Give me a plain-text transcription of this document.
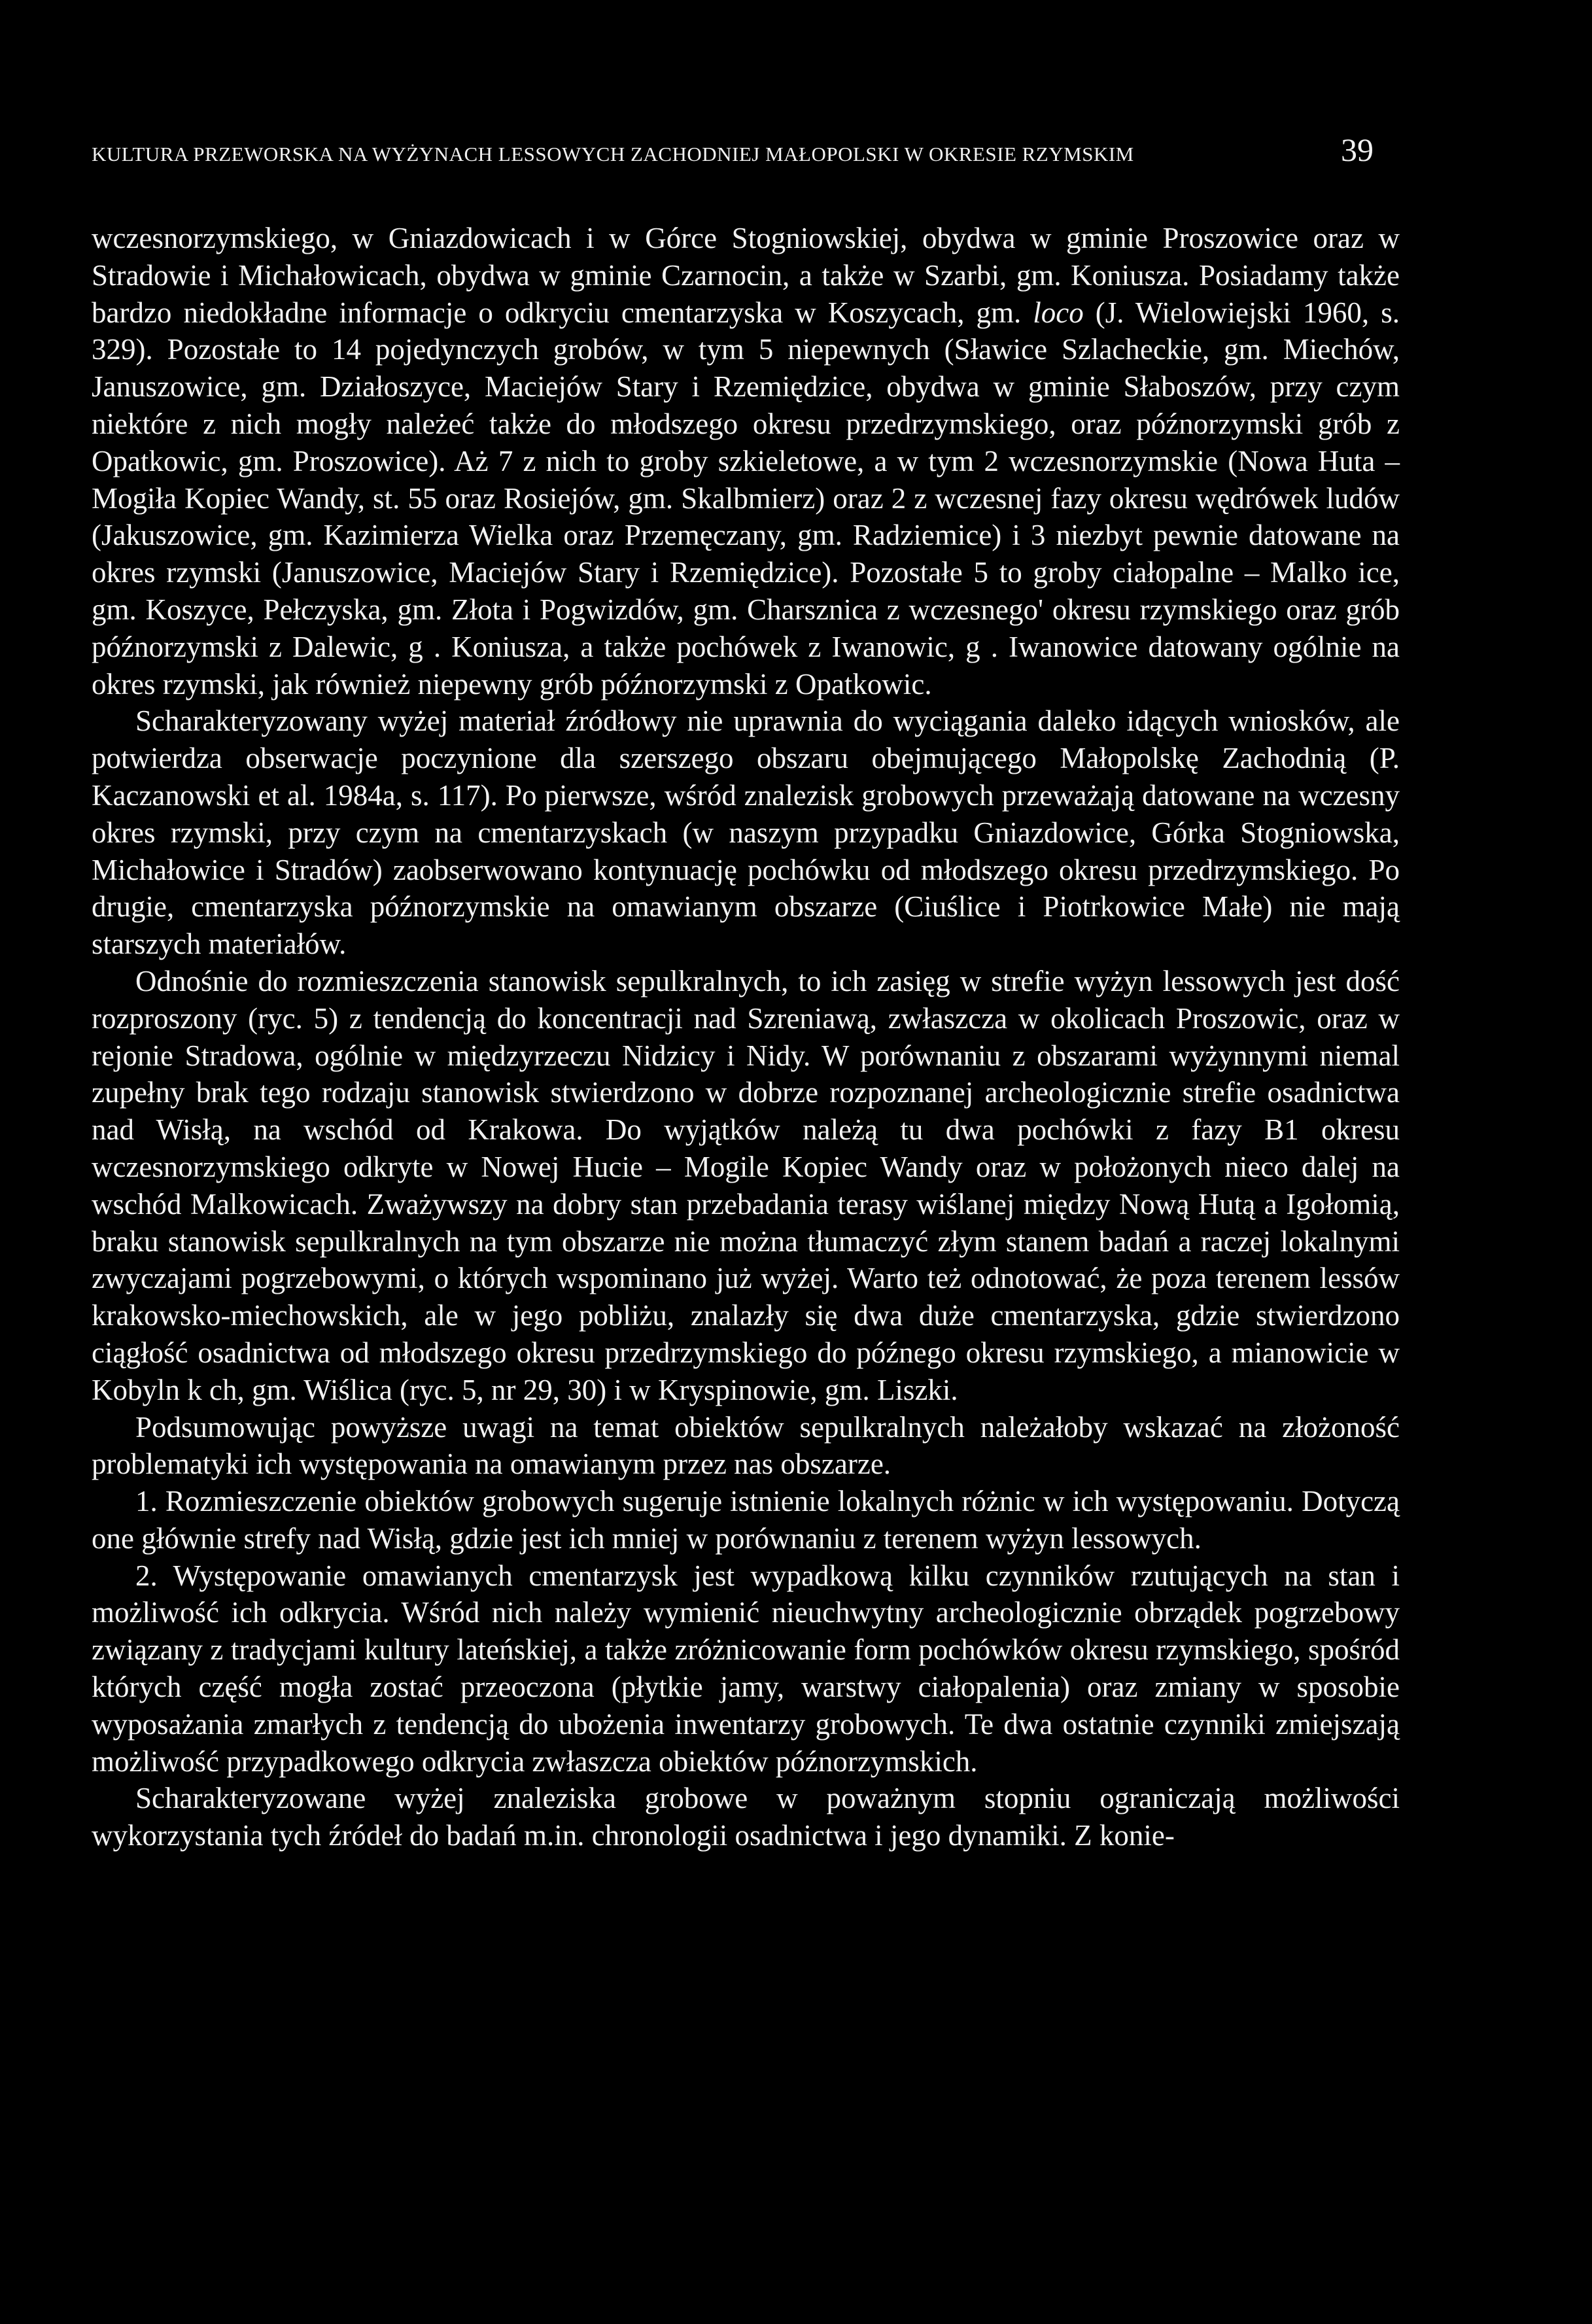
KULTURA PRZEWORSKA NA WYŻYNACH LESSOWYCH ZACHODNIEJ MAŁOPOLSKI W OKRESIE RZYMSKIM	39

wczesnorzymskiego, w Gniazdowicach i w Górce Stogniowskiej, obydwa w gminie Proszowice oraz w Stradowie i Michałowicach, obydwa w gminie Czarnocin, a także w Szarbi, gm. Koniusza. Posiadamy także bardzo niedokładne informacje o odkryciu cmentarzyska w Koszycach, gm. loco (J. Wielowiejski 1960, s. 329). Pozostałe to 14 pojedynczych grobów, w tym 5 niepewnych (Sławice Szlacheckie, gm. Miechów, Januszowice, gm. Działoszyce, Maciejów Stary i Rzemiędzice, obydwa w gminie Słaboszów, przy czym niektóre z nich mogły należeć także do młodszego okresu przedrzymskiego, oraz późnorzymski grób z Opatkowic, gm. Proszowice). Aż 7 z nich to groby szkieletowe, a w tym 2 wczesnorzymskie (Nowa Huta – Mogiła Kopiec Wandy, st. 55 oraz Rosiejów, gm. Skalbmierz) oraz 2 z wczesnej fazy okresu wędrówek ludów (Jakuszowice, gm. Kazimierza Wielka oraz Przemęczany, gm. Radziemice) i 3 niezbyt pewnie datowane na okres rzymski (Januszowice, Maciejów Stary i Rzemiędzice). Pozostałe 5 to groby ciałopalne – Malko ice, gm. Koszyce, Pełczyska, gm. Złota i Pogwizdów, gm. Charsznica z wczesnego' okresu rzymskiego oraz grób późnorzymski z Dalewic, g . Koniusza, a także pochówek z Iwanowic, g . Iwanowice datowany ogólnie na okres rzymski, jak również niepewny grób późnorzymski z Opatkowic.

Scharakteryzowany wyżej materiał źródłowy nie uprawnia do wyciągania daleko idących wniosków, ale potwierdza obserwacje poczynione dla szerszego obszaru obejmującego Małopolskę Zachodnią (P. Kaczanowski et al. 1984a, s. 117). Po pierwsze, wśród znalezisk grobowych przeważają datowane na wczesny okres rzymski, przy czym na cmentarzyskach (w naszym przypadku Gniazdowice, Górka Stogniowska, Michałowice i Stradów) zaobserwowano kontynuację pochówku od młodszego okresu przedrzymskiego. Po drugie, cmentarzyska późnorzymskie na omawianym obszarze (Ciuślice i Piotrkowice Małe) nie mają starszych materiałów.

Odnośnie do rozmieszczenia stanowisk sepulkralnych, to ich zasięg w strefie wyżyn lessowych jest dość rozproszony (ryc. 5) z tendencją do koncentracji nad Szreniawą, zwłaszcza w okolicach Proszowic, oraz w rejonie Stradowa, ogólnie w międzyrzeczu Nidzicy i Nidy. W porównaniu z obszarami wyżynnymi niemal zupełny brak tego rodzaju stanowisk stwierdzono w dobrze rozpoznanej archeologicznie strefie osadnictwa nad Wisłą, na wschód od Krakowa. Do wyjątków należą tu dwa pochówki z fazy B1 okresu wczesnorzymskiego odkryte w Nowej Hucie – Mogile Kopiec Wandy oraz w położonych nieco dalej na wschód Malkowicach. Zważywszy na dobry stan przebadania terasy wiślanej między Nową Hutą a Igołomią, braku stanowisk sepulkralnych na tym obszarze nie można tłumaczyć złym stanem badań a raczej lokalnymi zwyczajami pogrzebowymi, o których wspominano już wyżej. Warto też odnotować, że poza terenem lessów krakowsko-miechowskich, ale w jego pobliżu, znalazły się dwa duże cmentarzyska, gdzie stwierdzono ciągłość osadnictwa od młodszego okresu przedrzymskiego do późnego okresu rzymskiego, a mianowicie w Kobyln k ch, gm. Wiślica (ryc. 5, nr 29, 30) i w Kryspinowie, gm. Liszki.

Podsumowując powyższe uwagi na temat obiektów sepulkralnych należałoby wskazać na złożoność problematyki ich występowania na omawianym przez nas obszarze.

1. Rozmieszczenie obiektów grobowych sugeruje istnienie lokalnych różnic w ich występowaniu. Dotyczą one głównie strefy nad Wisłą, gdzie jest ich mniej w porównaniu z terenem wyżyn lessowych.

2. Występowanie omawianych cmentarzysk jest wypadkową kilku czynników rzutujących na stan i możliwość ich odkrycia. Wśród nich należy wymienić nieuchwytny archeologicznie obrządek pogrzebowy związany z tradycjami kultury lateńskiej, a także zróżnicowanie form pochówków okresu rzymskiego, spośród których część mogła zostać przeoczona (płytkie jamy, warstwy ciałopalenia) oraz zmiany w sposobie wyposażania zmarłych z tendencją do ubożenia inwentarzy grobowych. Te dwa ostatnie czynniki zmiejszają możliwość przypadkowego odkrycia zwłaszcza obiektów późnorzymskich.

Scharakteryzowane wyżej znaleziska grobowe w poważnym stopniu ograniczają możliwości wykorzystania tych źródeł do badań m.in. chronologii osadnictwa i jego dynamiki. Z konie-
